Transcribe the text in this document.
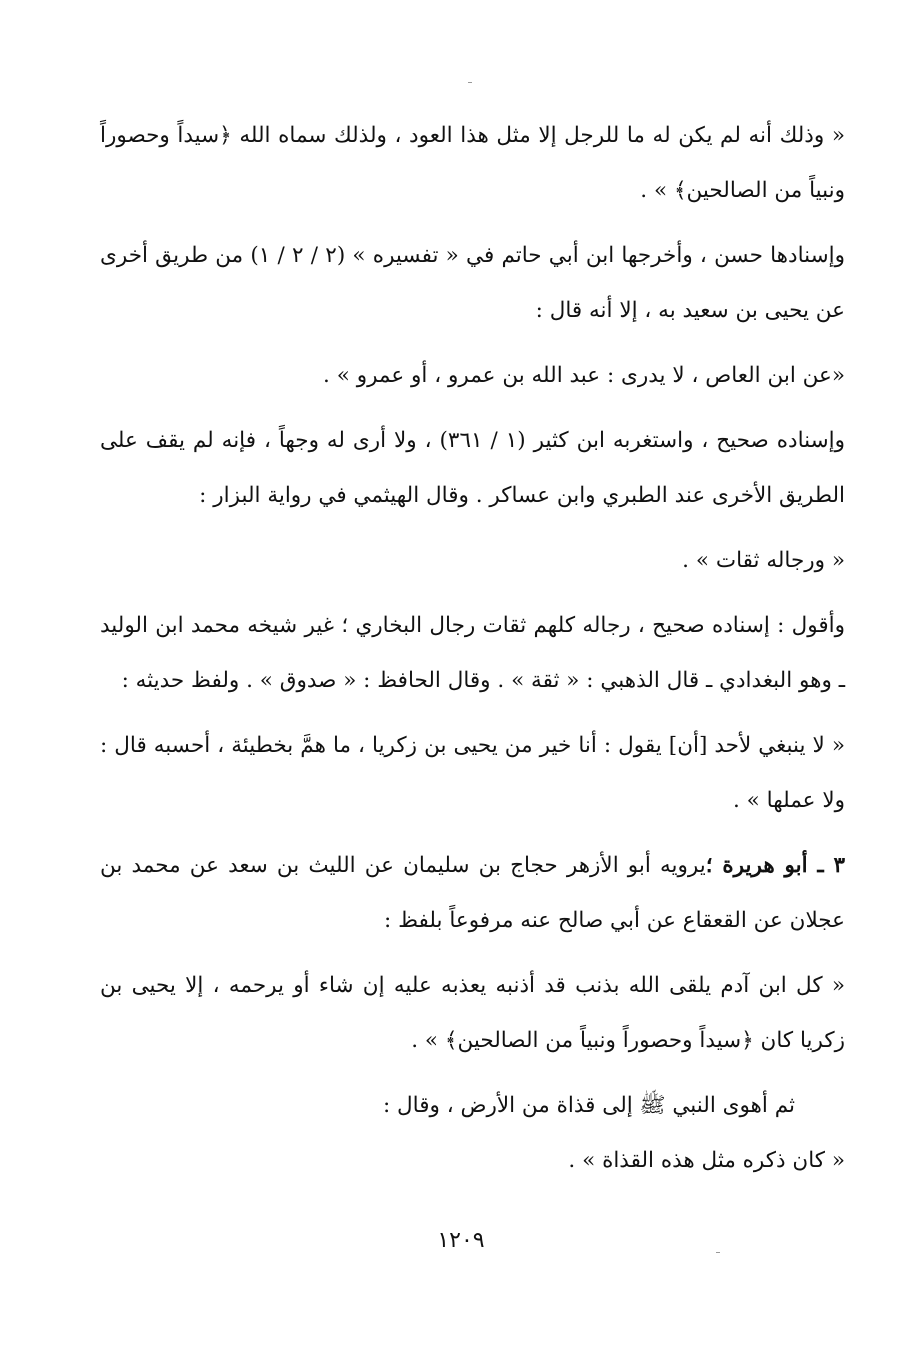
« وذلك أنه لم يكن له ما للرجل إلا مثل هذا العود ، ولذلك سماه الله ﴿سيداً وحصوراً ونبياً من الصالحين﴾ » .

وإسنادها حسن ، وأخرجها ابن أبي حاتم في « تفسيره » (٢ / ٢ / ١) من طريق أخرى عن يحيى بن سعيد به ، إلا أنه قال :

«عن ابن العاص ، لا يدرى : عبد الله بن عمرو ، أو عمرو » .

وإسناده صحيح ، واستغربه ابن كثير (١ / ٣٦١) ، ولا أرى له وجهاً ، فإنه لم يقف على الطريق الأخرى عند الطبري وابن عساكر . وقال الهيثمي في رواية البزار :

« ورجاله ثقات » .

وأقول : إسناده صحيح ، رجاله كلهم ثقات رجال البخاري ؛ غير شيخه محمد ابن الوليد ـ وهو البغدادي ـ قال الذهبي : « ثقة » . وقال الحافظ : « صدوق » . ولفظ حديثه :

« لا ينبغي لأحد [أن] يقول : أنا خير من يحيى بن زكريا ، ما همَّ بخطيئة ، أحسبه قال : ولا عملها » .

٣ ـ أبو هريرة ؛يرويه أبو الأزهر حجاج بن سليمان عن الليث بن سعد عن محمد بن عجلان عن القعقاع عن أبي صالح عنه مرفوعاً بلفظ :

« كل ابن آدم يلقى الله بذنب قد أذنبه يعذبه عليه إن شاء أو يرحمه ، إلا يحيى بن زكريا كان ﴿سيداً وحصوراً ونبياً من الصالحين﴾ » .

ثم أهوى النبي ﷺ إلى قذاة من الأرض ، وقال :

« كان ذكره مثل هذه القذاة » .

١٢٠٩
